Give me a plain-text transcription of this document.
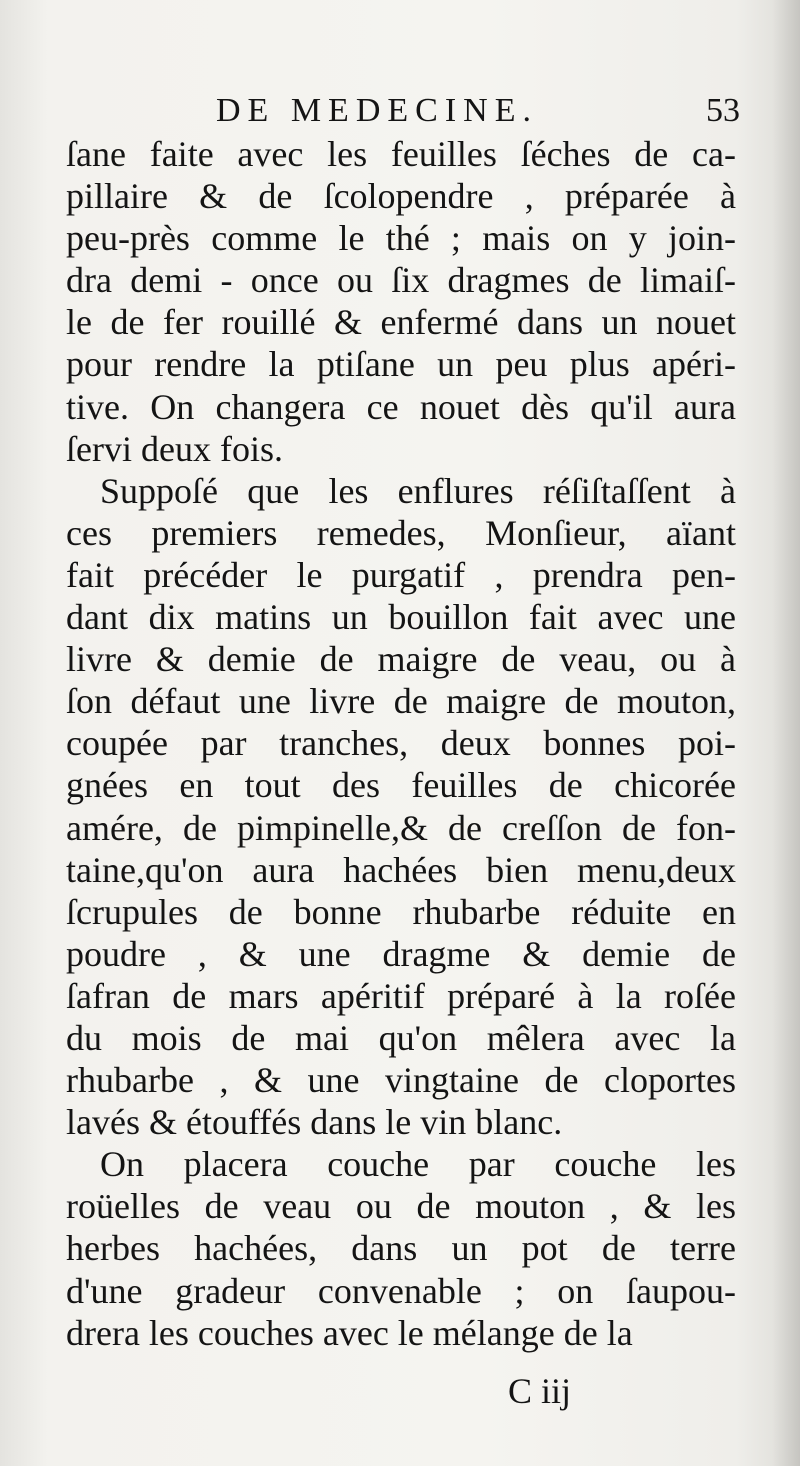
DE MEDECINE.	53
ſane faite avec les feuilles ſéches de ca-
pillaire & de ſcolopendre , préparée à
peu-près comme le thé ; mais on y join-
dra demi - once ou ſix dragmes de limaiſ-
le de fer rouillé & enfermé dans un nouet
pour rendre la ptiſane un peu plus apéri-
tive. On changera ce nouet dès qu'il aura
ſervi deux fois.
Suppoſé que les enflures réſiſtaſſent à
ces premiers remedes, Monſieur, aïant
fait précéder le purgatif , prendra pen-
dant dix matins un bouillon fait avec une
livre & demie de maigre de veau, ou à
ſon défaut une livre de maigre de mouton,
coupée par tranches, deux bonnes poi-
gnées en tout des feuilles de chicorée
amére, de pimpinelle,& de creſſon de fon-
taine,qu'on aura hachées bien menu,deux
ſcrupules de bonne rhubarbe réduite en
poudre , & une dragme & demie de
ſafran de mars apéritif préparé à la roſée
du mois de mai qu'on mêlera avec la
rhubarbe , & une vingtaine de cloportes
lavés & étouffés dans le vin blanc.
On placera couche par couche les
roüelles de veau ou de mouton , & les
herbes hachées, dans un pot de terre
d'une gradeur convenable ; on ſaupou-
drera les couches avec le mélange de la
C iij
